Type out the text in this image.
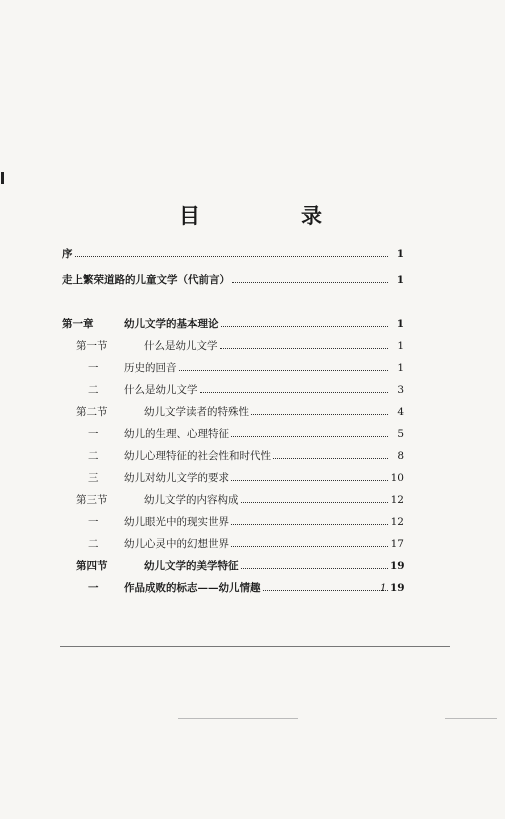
目　录
序	1
走上繁荣道路的儿童文学（代前言）	1
第一章	幼儿文学的基本理论	1
第一节	什么是幼儿文学	1
一 历史的回音	1
二 什么是幼儿文学	3
第二节	幼儿文学读者的特殊性	4
一 幼儿的生理、心理特征	5
二 幼儿心理特征的社会性和时代性	8
三 幼儿对幼儿文学的要求	10
第三节	幼儿文学的内容构成	12
一 幼儿眼光中的现实世界	12
二 幼儿心灵中的幻想世界	17
第四节	幼儿文学的美学特征	19
一 作品成败的标志——幼儿情趣	19
1
